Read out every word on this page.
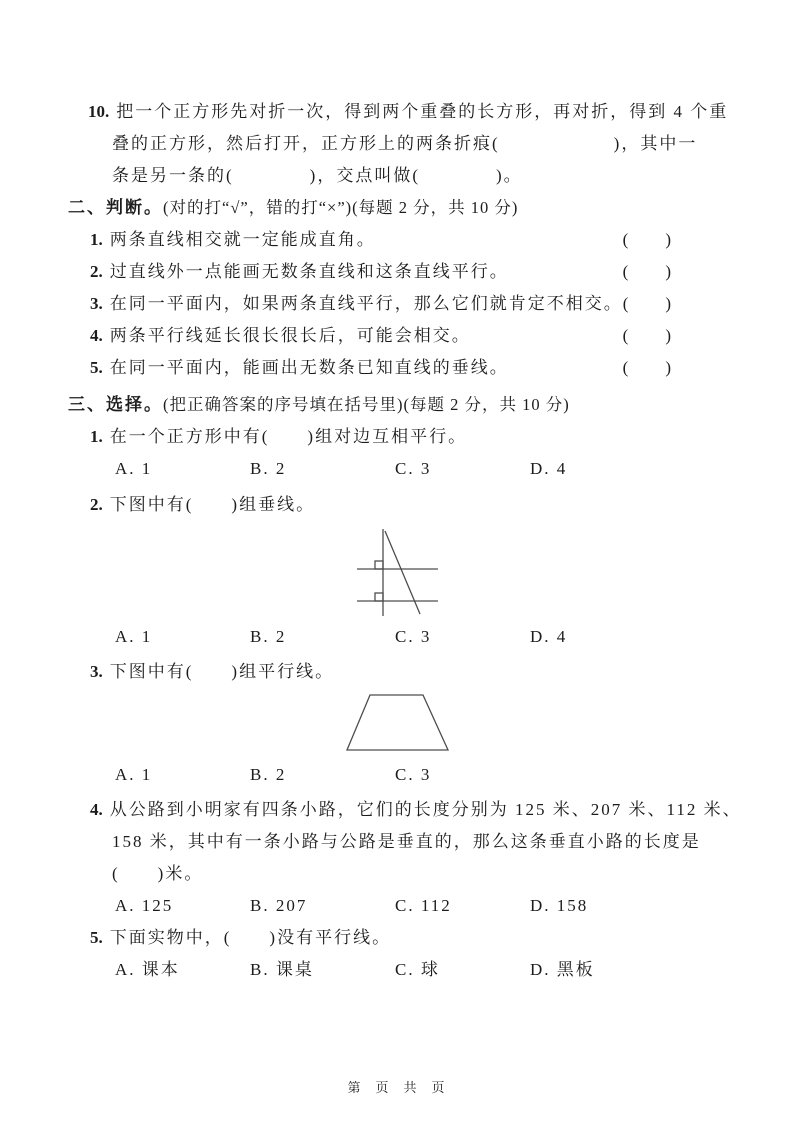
10. 把一个正方形先对折一次，得到两个重叠的长方形，再对折，得到 4 个重
叠的正方形，然后打开，正方形上的两条折痕(　　　　　　)，其中一
条是另一条的(　　　　)，交点叫做(　　　　)。
二、判断。(对的打“√”，错的打“×”)(每题 2 分，共 10 分)
1. 两条直线相交就一定能成直角。	(　　)
2. 过直线外一点能画无数条直线和这条直线平行。	(　　)
3. 在同一平面内，如果两条直线平行，那么它们就肯定不相交。 (　　)
4. 两条平行线延长很长很长后，可能会相交。	(　　)
5. 在同一平面内，能画出无数条已知直线的垂线。	(　　)
三、选择。(把正确答案的序号填在括号里)(每题 2 分，共 10 分)
1. 在一个正方形中有(　　)组对边互相平行。
A. 1	B. 2	C. 3	D. 4
2. 下图中有(　　)组垂线。
A. 1	B. 2	C. 3	D. 4
3. 下图中有(　　)组平行线。
A. 1	B. 2	C. 3
4. 从公路到小明家有四条小路，它们的长度分别为 125 米、207 米、112 米、
158 米，其中有一条小路与公路是垂直的，那么这条垂直小路的长度是
(　　)米。
A. 125	B. 207	C. 112	D. 158
5. 下面实物中，(　　)没有平行线。
A. 课本	B. 课桌	C. 球	D. 黑板
第　页　共　页
